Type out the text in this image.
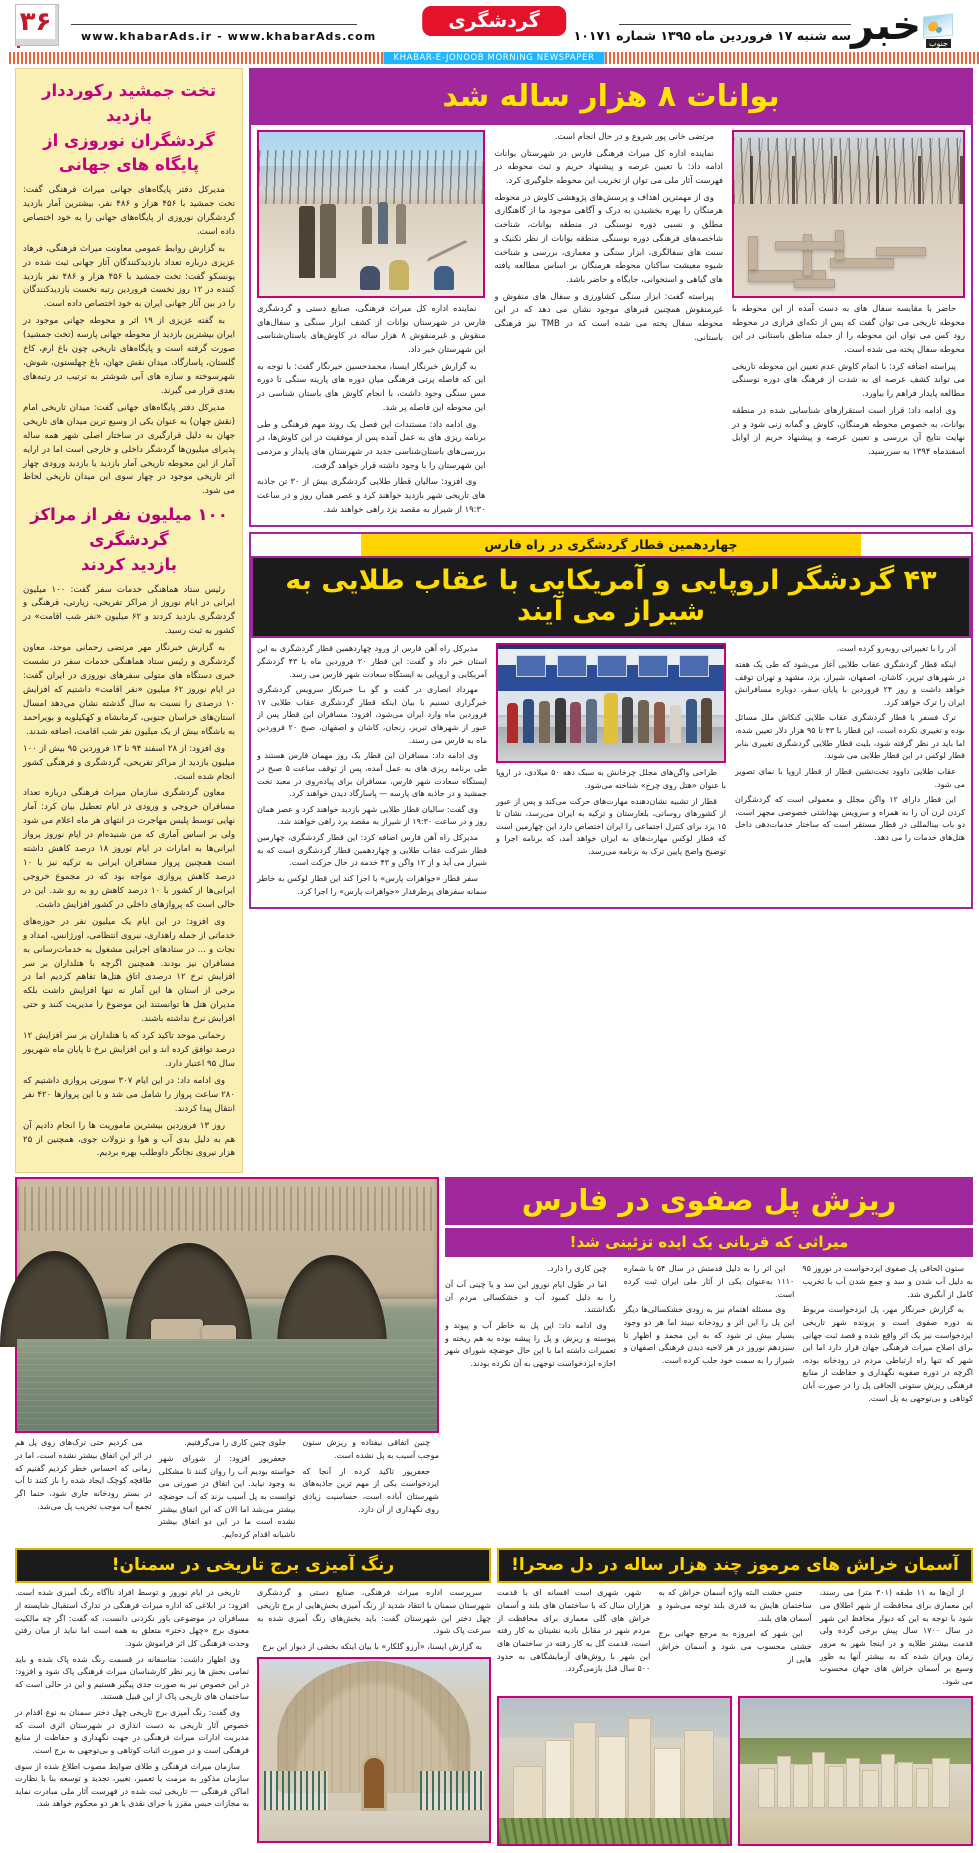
۳۶	www.khabarAds.ir - www.khabarAds.com
گردشگری
سه شنبه ۱۷ فروردین ماه ۱۳۹۵ شماره ۱۰۱۷۱ خبر جنوب
KHABAR-E-JONOOB MORNING NEWSPAPER
تخت جمشید رکورددار بازدید
گردشگران نوروزی از پایگاه های جهانی

مدیرکل دفتر پایگاه‌های جهانی میراث فرهنگی گفت: تخت جمشید با ۴۵۶ هزار و ۴۸۶ نفر، بیشترین آمار بازدید گردشگران نوروزی از پایگاه‌های جهانی را به خود اختصاص داده است.

به گزارش روابط عمومی معاونت میراث فرهنگی، فرهاد عزیزی درباره تعداد بازدیدکنندگان آثار جهانی ثبت شده در یونسکو گفت: تخت جمشید با ۴۵۶ هزار و ۴۸۶ نفر بازدید کننده در ۱۲ روز نخست فروردین رتبه نخست بازدیدکنندگان را در بین آثار جهانی ایران به خود اختصاص داده است.

به گفته عزیزی از ۱۹ اثر و محوطه جهانی موجود در ایران بیشترین بازدید از محوطه جهانی پارسه (تخت جمشید) صورت گرفته است و پایگاه‌های تاریخی چون باغ ارم، کاخ گلستان، پاسارگاد، میدان نقش جهان، باغ چهلستون، شوش، شهرسوخته و سازه های آبی شوشتر به ترتیب در رتبه‌های بعدی قرار می گیرند.

مدیرکل دفتر پایگاه‌های جهانی گفت: میدان تاریخی امام (نقش جهان) به عنوان یکی از وسیع ترین میدان های تاریخی جهان به دلیل قرارگیری در ساختار اصلی شهر همه ساله پذیرای میلیون‌ها گردشگر داخلی و خارجی است اما در ارایه آمار از این محوطه تاریخی آمار بازدید یا بازدید ورودی چهار اثر تاریخی موجود در چهار سوی این میدان تاریخی لحاظ می شود.

۱۰۰ میلیون نفر از مراکز گردشگری
بازدید کردند

رئیس ستاد هماهنگی خدمات سفر گفت: ۱۰۰ میلیون ایرانی در ایام نوروز از مراکز تفریحی، زیارتی، فرهنگی و گردشگری بازدید کردند و ۶۲ میلیون «نفر شب اقامت» در کشور به ثبت رسید.

به گزارش خبرنگار مهر مرتضی رحمانی موحد، معاون گردشگری و رئیس ستاد هماهنگی خدمات سفر در نشست خبری دستگاه های متولی سفرهای نوروزی در ایران گفت: در ایام نوروز ۶۲ میلیون «نفر اقامت» داشتیم که افزایش ۱۰ درصدی را نسبت به سال گذشته نشان می‌دهد امسال استان‌های خراسان جنوبی، کرمانشاه و کهکیلویه و بویراحمد به باشگاه بیش از یک میلیون نفر شب اقامت، اضافه شدند.

وی افزود: از ۲۸ اسفند ۹۴ تا ۱۳ فروردین ۹۵ بیش از ۱۰۰ میلیون بازدید از مراکز تفریحی، گردشگری و فرهنگی کشور انجام شده است.

معاون گردشگری سازمان میراث فرهنگی درباره تعداد مسافران خروجی و ورودی در ایام تعطیل بیان کرد: آمار نهایی توسط پلیس مهاجرت در انتهای هر ماه اعلام می شود ولی بر اساس آماری که من شنیده‌ام در ایام نوروز پرواز ایرانی‌ها به امارات در ایام نوروز ۱۸ درصد کاهش داشته است همچنین پرواز مسافران ایرانی به ترکیه نیز با ۱۰ درصد کاهش پروازی مواجه بود که در مجموع خروجی ایرانی‌ها از کشور با ۱۰ درصد کاهش رو به رو شد. این در حالی است که پروازهای داخلی در کشور افزایش داشت.

وی افزود: در این ایام یک میلیون نفر در حوزه‌های خدماتی از جمله راهداری، نیروی انتظامی، اورژانس، امداد و نجات و ... در ستادهای اجرایی مشغول به خدمات‌رسانی به مسافران نیز بودند. همچنین اگرچه با هتلداران بر سر افزایش نرخ ۱۲ درصدی اتاق هتل‌ها تفاهم کردیم اما در برخی از استان ها این آمار نه تنها افزایش داشت بلکه مدیران هتل ها توانستند این موضوع را مدیریت کنند و حتی افزایش نرخ نداشته باشند.

رحمانی موحد تاکید کرد که با هتلداران بر سر افزایش ۱۲ درصد توافق کرده اند و این افزایش نرخ تا پایان ماه شهریور سال ۹۵ اعتبار دارد.

وی ادامه داد: در این ایام ۳۰۷ سورتی پروازی داشتیم که ۲۸۰ ساعت پرواز را شامل می شد و با این پروازها ۴۲۰ نفر انتقال پیدا کردند.

روز ۱۳ فروردین بیشترین ماموریت ها را انجام دادیم آن هم به دلیل بدی آب و هوا و نزولات جوی، همچنین از ۲۵ هزار نیروی نجاتگر داوطلب بهره بردیم.

بوانات ۸ هزار ساله شد

نماینده اداره کل میراث فرهنگی، صنایع دستی و گردشگری فارس در شهرستان بوانات از کشف ابزار سنگی و سفال‌های منقوش و غیرمنقوش ۸ هزار ساله در کاوش‌های باستان‌شناسی این شهرستان خبر داد.

به گزارش خبرنگار ایسنا، محمدحسین خیرنگار گفت: با توجه به این که فاصله پرتی فرهنگی میان دوره های پارینه سنگی تا دوره مس سنگی وجود داشت، با انجام کاوش های باستان شناسی در این محوطه این فاصله پر شد.

وی ادامه داد: مستندات این فصل یک روند مهم فرهنگی و طی برنامه ریزی های به عمل آمده پس از موفقیت در این کاوش‌ها، در بررسی‌های باستان‌شناسی جدید در شهرستان های پایدار و مردمی این شهرستان را با وجود داشته قرار خواهد گرفت.

وی افزود: سالیان قطار طلایی گردشگری بیش از ۳۰ تن جاذبه های تاریخی شهر بازدید خواهند کرد و عصر همان روز و در ساعت ۱۹:۳۰ از شیراز به مقصد یزد راهی خواهند شد.

مرتضی خانی پور شروع و در حال انجام است.

نماینده اداره کل میراث فرهنگی فارس در شهرستان بوانات ادامه داد: با تعیین عرصه و پیشنهاد حریم و ثبت محوطه در فهرست آثار ملی می توان از تخریب این محوطه جلوگیری کرد.

وی از مهمترین اهداف و پرسش‌های پژوهشی کاوش در محوطه هرمنگان را بهره بخشیدن به درک و آگاهی موجود ما از گاهنگاری مطلق و نسبی دوره نوسنگی در منطقه بوانات، شناخت شاخصه‌های فرهنگی دوره نوسنگی منطقه بوانات از نظر تکنیک و سنت های سفالگری، ابزار سنگی و معماری، بررسی و شناخت شیوه معیشت ساکنان محوطه هرمنگان بر اساس مطالعه یافته های گیاهی و استخوانی، جایگاه و حاضر باشد.

پیراسته گفت: ابزار سنگی کشاورزی و سفال های منقوش و غیرمنقوش همچنین قبرهای موجود نشان می دهد که در این محوطه سفال پخته می شده است که در TMB نیز فرهنگی باستانی.

حاضر با مقایسه سفال های به دست آمده از این محوطه با محوطه تاریخی می توان گفت که پس از تکه‌ای فرازی در محوطه رود کس می توان این محوطه را از جمله مناطق باستانی در این محوطه سفال پخته می شده است.

پیراسته اضافه کرد: با اتمام کاوش عدم تعیین این محوطه تاریخی می تواند کشف عرصه ای به شدت از فرهنگ های دوره نوسنگی مطالعه پایدار فراهم را بیاورد.

وی ادامه داد: قرار است استقرارهای شناسایی شده در منطقه بوانات، به خصوص محوطه هرمنگان، کاوش و گمانه زنی شود و در نهایت نتایج آن بررسی و تعیین عرصه و پیشنهاد حریم از اوایل اسفندماه ۱۳۹۴ به سررسید.

چهاردهمین قطار گردشگری در راه فارس
۴۳ گردشگر اروپایی و آمریکایی با عقاب طلایی به شیراز می آیند

مدیرکل راه آهن فارس از ورود چهاردهمین قطار گردشگری به این استان خبر داد و گفت: این قطار ۲۰ فروردین ماه با ۴۳ گردشگر آمریکایی و اروپایی به ایستگاه سعادت شهر فارس می رسد.

مهرداد انصاری در گفت و گو بـا خبرنگار سرویس گردشگری خبرگزاری تسنیم با بیان اینکه قطار گردشگری عقاب طلایی ۱۷ فروردین ماه وارد ایران می‌شود، افزود: مسافران این قطار پس از عبور از شهرهای تبریز، زنجان، کاشان و اصفهان، صبح ۲۰ فروردین ماه به فارس می رسند.

وی ادامه داد: مسافران این قطار یک روز مهمان فارس هستند و طی برنامه ریزی های به عمل آمده، پس از توقف ساعت ۵ صبح در ایستگاه سعادت شهر فارس، مسافران برای پیاده‌روی در معبد تخت جمشید و در جاذبه های پارسه — پاسارگاد دیدن خواهند کرد.

وی گفت: سالیان قطار طلایی شهر بازدید خواهند کرد و عصر همان روز و در ساعت ۱۹:۳۰ از شیراز به مقصد یزد راهی خواهند شد.

مدیرکل راه آهن فارس اضافه کرد: این قطار گردشگری، چهارمین قطار شرکت عقاب طلایی و چهاردهمین قطار گردشگری است که به شیراز می آید و از ۱۲ واگن و ۴۳ خدمه در حال حرکت است.

سفر قطار «جواهرات پارس» با اجرا کند این قطار لوکس به خاطر سمانه سفرهای پرطرفدار «جواهرات پارس» را اجرا کرد.

طراحی واگن‌های مجلل چرخانش به سبک دهه ۵۰ میلادی، در اروپا با عنوان «هتل روی چرخ» شناخته می‌شود.

قطار از تشبیه نشان‌دهنده مهارت‌های حرکت می‌کند و پس از عبور از کشورهای روسانی، بلغارستان و ترکیه به ایران می‌رسد، نشان تا ۱۵ یزد برای کنترل اجتماعی را ایران اختصاص دارد این چهارمین است که قطار لوکس مهارت‌های به ایران خواهد آمد، که برنامه اجرا و توضیح واضح پایین ترک به برنامه می‌رسد.

آذر را با تغییراتی روبه‌رو کرده است.

اینکه قطار گردشگری عقاب طلایی آغاز می‌شود که طی یک هفته در شهرهای تبریز، کاشان، اصفهان، شیراز، یزد، مشهد و تهران توقف خواهد داشت و روز ۲۴ فروردین با پایان سفر، دوباره مسافرانش ایران را ترک خواهد کرد.

ترک فسفر با قطار گردشگری عقاب طلایی کنکاش ملل مسائل بوده و تغییری نکرده است، این قطار با ۴۳ تا ۹۵ هزار دلار تعیین شده، اما باید در نظر گرفته شود، بلیت قطار طلایی گردشگری تغییری بنابر قطار لوکس در این قطار طلایی می شوند.

عقاب طلایی داوود تخت‌نشین قطار از قطار اروپا با نمای تصویر می شود.

این قطار دارای ۱۲ واگن مجلل و معمولی است که گردشگران کردن لرن آن را به همراه و سرویس بهداشتی خصوصی مجهز است، دو باب بینالمللی در قطار مستقر است که ساختار خدمات‌دهی داخل هتل‌های خدمات را می دهد.

می کردیم حتی ترک‌های روی پل هم در اثر این اتفاق بیشتر نشده است، اما در زمانی که احساس خطر کردیم گفتیم که طاقچه کوچک ایجاد شده را باز کنند تا آب در بستر رودخانه جاری شود، حتما اگر تجمع آب موجب تخریب پل می‌شد.

جلوی چنین کاری را می‌گرفتیم.

جعفرپور افزود: از شورای شهر خواسته بودیم آب را روان کنند تا مشکلی به وجود نیاید. این اتفاق در صورتی می توانست به پل آسیب بزند که آب حوضچه بیشتر می‌شد اما الان که این اتفاق بیشتر نشده است ما در این دو اتفاق بیشتر ناشیانه اقدام کرده‌ایم.

چنین اتفاقی نیفتاده و ریزش ستون موجب آسیب به پل نشده است.

جعفرپور تاکید کرده از آنجا که ایزدخواست یکی از مهم ترین جاذبه‌های شهرستان آباده است، حساسیت زیادی روی نگهداری از آن دارد.

ریزش پل صفوی در فارس
میراثی که قربانی یک ایده تزئینی شد!

چین کاری را دارد.

اما در طول ایام نوروز این سد و یا چینی آب آن را به دلیل کمبود آب و خشکسالی مردم آن نگذاشتند.

وی ادامه داد: این پل به خاطر آب و پیوند و پیوسته و ریزش و پل را پیشه بوده به هم ریخته و تعمیرات داشته اما با این حال حوضچه شورای شهر اجازه ایزدخواست توجهی به آن نکرده بودند.

این اثر را به دلیل قدمتش در سال ۵۴ با شماره ۱۱۱۰ به‌عنوان یکی از آثار ملی ایران ثبت کرده است.

وی مسئله اهتمام نیز به زودی خشکسالی‌ها دیگر این پل را این اثر و رودخانه نبیند اما هر دو وجود بسیار بیش تر شود که به این محمد و اظهار تا سیزدهم نوروز در هر لاحیه دیدن فرهنگی اصفهان و شیراز را به سمت خود جلب کرده است.

ستون الحاقی پل صفوی ایزدخواست در نوروز ۹۵ به دلیل آب شدن و سد و جمع شدن آب با تخریب کامل از آبگیری شد.

به گزارش خبرنگار مهر، پل ایزدخواست مربوط به دوره صفوی است و پرونده شهر تاریخی ایزدخواست نیز یک اثر واقع شده و قصد ثبت جهانی برای اصلاح میراث فرهنگی جهان قرار دارد اما این شهر که تنها راه ارتباطی مردم در رودخانه بوده، اگرچه در دوره صفویه نگهداری و حفاظت از منابع فرهنگی ریزش ستونی الحاقی پل را در صورت آبان کوتاهی و بی‌توجهی به پل است.

رنگ آمیزی برج تاریخی در سمنان!

تاریخی در ایام نوروز و توسط افراد ناآگاه رنگ آمیزی شده است. افزود: در ابلاغی که اداره میراث فرهنگی در تدارک استقبال شایسته از مسافران در موضوعی باور نکردنی دانست، که گفت: اگر چه مالکیت معنوی برج «چهل دختر» متعلق به همه است اما نباید از میان رفتن وحدت فرهنگی کل اثر فراموش شود.

وی اظهار داشت: متاسفانه در قسمت رنگ شده پاک شده و باید تمامی بخش ها زیر نظر کارشناسان میراث فرهنگی پاک شود و افزود: در این خصوص نیز به صورت جدی پیگیر هستیم و این در حالی است که ساختمان های تاریخی پاک از این قبیل هستند.

وی گفت: رنگ آمیزی برج تاریخی چهل دختر سمنان به نوع اقدام در خصوص آثار تاریخی به دست اندازی در شهرستان اثری است که مدیریت ادارات میراث فرهنگی در جهت نگهداری و حفاظت از منابع فرهنگی است و در صورت اثبات کوتاهی و بی‌توجهی به برج است.

سازمان میراث فرهنگی و طلای ضوابط مصوب اطلاع شده از سوی سازمان مذکور به مرمت یا تعمیر، تغییر، تجدید و توسعه بنا با نظارت اماکن فرهنگی — تاریخی ثبت شده در فهرست آثار ملی مبادرت نماید به مجازات حبس مقرر یا جزای نقدی یا هر دو محکوم خواهد شد.

سرپرست اداره میراث فرهنگی، صنایع دستی و گردشگری شهرستان سمنان با انتقاد شدید از رنگ آمیزی بخش‌هایی از برج تاریخی چهل دختر این شهرستان گفت: باید بخش‌های رنگ آمیزی شده به سرعت پاک شود.

به گزارش ایسنا، «آرزو گلکار» با بیان اینکه بخشی از دیوار این برج

آسمان خراش های مرموز چند هزار ساله در دل صحرا!

شهر، شهری است افسانه ای با قدمت هزاران سال که با ساختمان های بلند و آسمان خراش های گلی معماری برای محافظت از مردم شهر در مقابل بادیه نشینان به کار رفته است، قدمت گل به کار رفته در ساختمان های این شهر با روش‌های آزمایشگاهی به حدود ۵۰۰ سال قبل بازمی‌گردد.

جنس خشت البته واژه آسمان خراش که به ساختمان هایش به قدری بلند توجه می‌شود و آسمان های بلند.

این شهر که امروزه به مرجع جهانی برج خشتی محسوب می شود و آسمان خراش هایی از

از آن‌ها به ۱۱ طبقه (۳۰۱ متر) می رسند، این معماری برای محافظت از شهر اطلاق می شود با توجه به این که دیوار محافظ این شهر در سال ۱۷۰۰ سال پیش برخی گرده ولی قدمت بیشتر طلایه و در اینجا شهر به مرور زمان ویران شده که به بیشتر آنها به طور وسیع بر آسمان خراش های جهان محسوب می شود.
